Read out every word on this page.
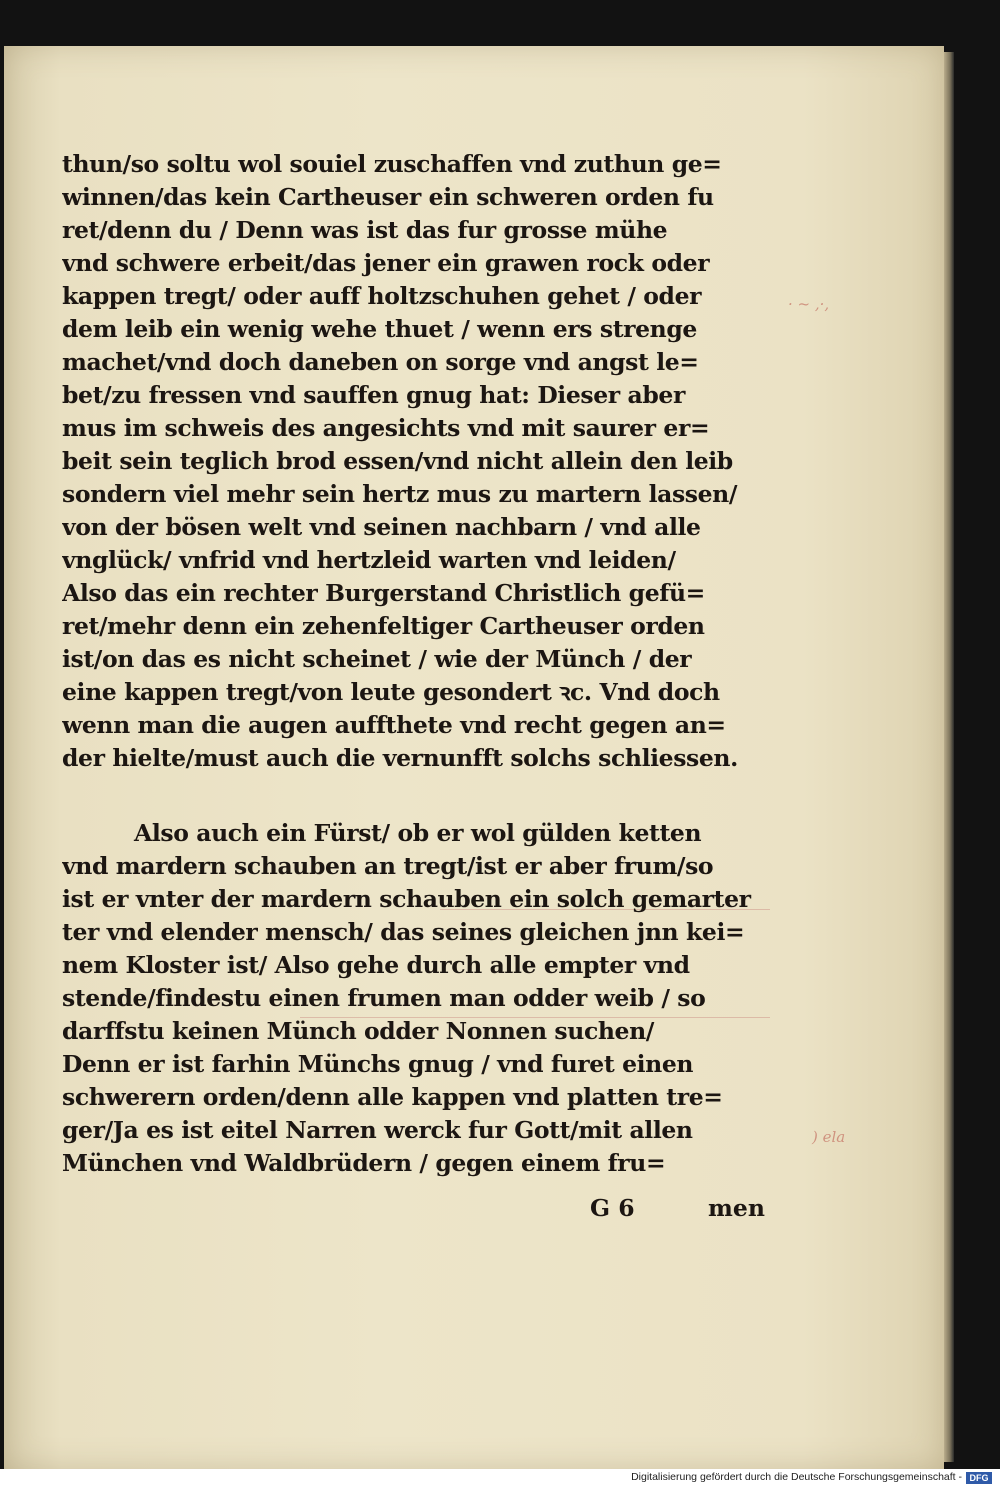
· ~ ,·,
) ela
thun/so soltu wol souiel zuschaffen vnd zuthun ge=
winnen/das kein Cartheuser ein schweren orden fu
ret/denn du / Denn was ist das fur grosse mühe
vnd schwere erbeit/das jener ein grawen rock oder
kappen tregt/ oder auff holtzschuhen gehet / oder
dem leib ein wenig wehe thuet / wenn ers strenge
machet/vnd doch daneben on sorge vnd angst le=
bet/zu fressen vnd sauffen gnug hat: Dieser aber
mus im schweis des angesichts vnd mit saurer er=
beit sein teglich brod essen/vnd nicht allein den leib
sondern viel mehr sein hertz mus zu martern lassen/
von der bösen welt vnd seinen nachbarn / vnd alle
vnglück/ vnfrid vnd hertzleid warten vnd leiden/
Also das ein rechter Burgerstand Christlich gefü=
ret/mehr denn ein zehenfeltiger Cartheuser orden
ist/on das es nicht scheinet / wie der Münch / der
eine kappen tregt/von leute gesondert ꝛc. Vnd doch
wenn man die augen auffthete vnd recht gegen an=
der hielte/must auch die vernunfft solchs schliessen.
Also auch ein Fürst/ ob er wol gülden ketten
vnd mardern schauben an tregt/ist er aber frum/so
ist er vnter der mardern schauben ein solch gemarter
ter vnd elender mensch/ das seines gleichen jnn kei=
nem Kloster ist/ Also gehe durch alle empter vnd
stende/findestu einen frumen man odder weib / so
darffstu keinen Münch odder Nonnen suchen/
Denn er ist farhin Münchs gnug / vnd furet einen
schwerern orden/denn alle kappen vnd platten tre=
ger/Ja es ist eitel Narren werck fur Gott/mit allen
München vnd Waldbrüdern / gegen einem fru=
G 6	men
Digitalisierung gefördert durch die Deutsche Forschungsgemeinschaft - DFG
